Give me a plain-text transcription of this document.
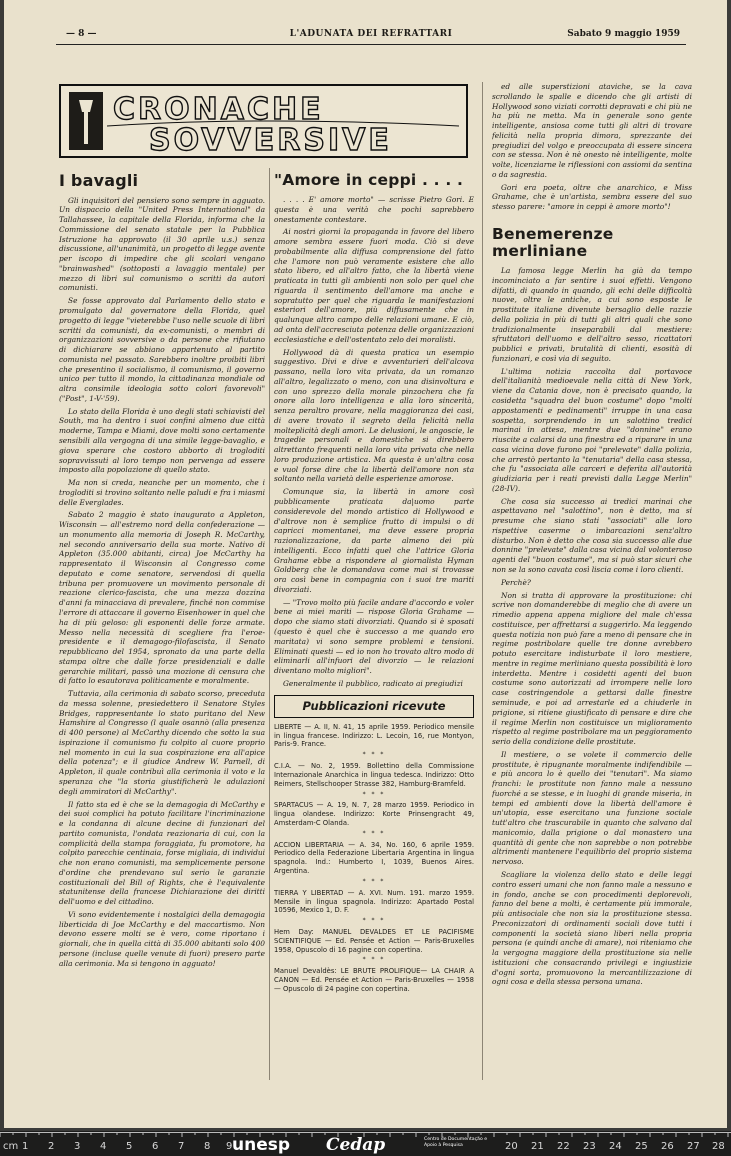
— 8 —	L'ADUNATA DEI REFRATTARI	Sabato 9 maggio 1959
CRONACHE
SOVVERSIVE
I bavagli

Gli inquisitori del pensiero sono sempre in agguato. Un dispaccio della "United Press International" da Tallahassee, la capitale della Florida, informa che la Commissione del senato statale per la Pubblica Istruzione ha approvato (il 30 aprile u.s.) senza discussione, all'unanimità, un progetto di legge avente per iscopo di impedire che gli scolari vengano "brainwashed" (sottoposti a lavaggio mentale) per mezzo di libri sul comunismo o scritti da autori comunisti.

Se fosse approvato dal Parlamento dello stato e promulgato dal governatore della Florida, quel progetto di legge "vieterebbe l'uso nelle scuole di libri scritti da comunisti, da ex-comunisti, o membri di organizzazioni sovversive o da persone che rifiutano di dichiarare se abbiano appartenuto al partito comunista nel passato. Sarebbero inoltre proibiti libri che presentino il socialismo, il comunismo, il governo unico per tutto il mondo, la cittadinanza mondiale od altra consimile ideologia sotto colori favorevoli" ("Post", 1-V-'59).

Lo stato della Florida è uno degli stati schiavisti del South, ma ha dentro i suoi confini almeno due città moderne, Tampa e Miami, dove molti sono certamente sensibili alla vergogna di una simile legge-bavaglio, e giova sperare che costoro abborto di trogloditi sopravvissuti al loro tempo non pervenga ad essere imposto alla popolazione di quello stato.

Ma non si creda, neanche per un momento, che i trogloditi si trovino soltanto nelle paludi e fra i miasmi delle Everglades.

Sabato 2 maggio è stato inaugurato a Appleton, Wisconsin — all'estremo nord della confederazione — un monumento alla memoria di Joseph R. McCarthy, nel secondo anniversario della sua morte. Nativo di Appleton (35.000 abitanti, circa) Joe McCarthy ha rappresentato il Wisconsin al Congresso come deputato e come senatore, servendosi di quella tribuna per promuovere un movimento personale di reazione clerico-fascista, che una mezza dozzina d'anni fa minacciava di prevalere, finché non commise l'errore di attaccare il governo Eisenhower in quel che ha di più geloso: gli esponenti delle forze armate. Messo nella necessità di scegliere fra l'eroe-presidente e il demagogo-filofascista, il Senato repubblicano del 1954, spronato da una parte della stampa oltre che dalle forze presidenziali e dalle gerarchie militari, passò una mozione di censura che di fatto lo esautorava politicamente e moralmente.

Tuttavia, alla cerimonia di sabato scorso, preceduta da messa solenne, presiedettero il Senatore Styles Bridges, rappresentante lo stato puritano del New Hamshire al Congresso (l quale osannò (alla presenza di 400 persone) al McCarthy dicendo che sotto la sua ispirazione il comunismo fu colpito al cuore proprio nel momento in cui la sua cospirazione era all'apice della potenza"; e il giudice Andrew W. Parnell, di Appleton, il quale contribuì alla cerimonia il voto e la speranza che "la storia giustificherà le adulazioni degli ammiratori di McCarthy".

Il fatto sta ed è che se la demagogia di McCarthy e dei suoi complici ha potuto facilitare l'incriminazione e la condanna di alcune decine di funzionari del partito comunista, l'ondata reazionaria di cui, con la complicità della stampa foraggiata, fu promotore, ha colpito parecchie centinaia, forse migliaia, di individui che non erano comunisti, ma semplicemente persone d'ordine che prendevano sul serio le garanzie costituzionali del Bill of Rights, che è l'equivalente statunitense della francese Dichiarazione dei diritti dell'uomo e del cittadino.

Vi sono evidentemente i nostalgici della demagogia liberticida di Joe McCarthy e del maccartismo. Non devono essere molti se è vero, come riportano i giornali, che in quella città di 35.000 abitanti solo 400 persone (incluse quelle venute di fuori) presero parte alla cerimonia. Ma si tengono in agguato!

"Amore in ceppi . . . .

. . . . E' amore morto" — scrisse Pietro Gori. E questa è una verità che pochi saprebbero onestamente contestare.

Ai nostri giorni la propaganda in favore del libero amore sembra essere fuori moda. Ciò si deve probabilmente alla diffusa comprensione del fatto che l'amore non può veramente esistere che allo stato libero, ed all'altro fatto, che la libertà viene praticata in tutti gli ambienti non solo per quel che riguarda il sentimento dell'amore ma anche e sopratutto per quel che riguarda le manifestazioni esteriori dell'amore, più diffusamente che in qualunque altro campo delle relazioni umane. E ciò, ad onta dell'accresciuta potenza delle organizzazioni ecclesiastiche e dell'ostentato zelo dei moralisti.

Hollywood dà di questa pratica un esempio suggestivo. Divi e dive e avventurieri dell'alcova passano, nella loro vita privata, da un romanzo all'altro, legalizzato o meno, con una disinvoltura e con uno sprezzo della morale pinzochera che fa onore alla loro intelligenza e alla loro sincerità, senza peraltro provare, nella maggioranza dei casi, di avere trovato il segreto della felicità nella molteplicità degli amori. Le delusioni, le angoscie, le tragedie personali e domestiche si direbbero altrettanto frequenti nella loro vita privata che nella loro produzione artistica. Ma questa è un'altra cosa e vuol forse dire che la libertà dell'amore non sta soltanto nella varietà delle esperienze amorose.

Comunque sia, la libertà in amore così pubblicamente praticata da|uomo parte considerevole del mondo artistico di Hollywood e d'altrove non è semplice frutto di impulsi o di capricci momentanei, ma deve essere propria razionalizzazione, da parte almeno dei più intelligenti. Ecco infatti quel che l'attrice Gloria Grahame ebbe a rispondere al giornalista Hyman Goldberg che le domandava come mai si trovasse ora così bene in compagnia con i suoi tre mariti divorziati.

— "Trovo molto più facile andare d'accordo e voler bene ai miei mariti — rispose Gloria Grahame — dopo che siamo stati divorziati. Quando si è sposati (questo è quel che è successo a me quando ero maritata) vi sono sempre problemi e tensioni. Eliminati questi — ed io non ho trovato altro modo di eliminarli all'infuori del divorzio — le relazioni diventano molto migliori".

Generalmente il pubblico, radicato ai pregiudizi

Pubblicazioni ricevute

LIBERTE — A. II, N. 41, 15 aprile 1959. Periodico mensile in lingua francese. Indirizzo: L. Lecoin, 16, rue Montyon, Paris-9. France.

* * *

C.I.A. — No. 2, 1959. Bollettino della Commissione Internazionale Anarchica in lingua tedesca. Indirizzo: Otto Reimers, Stellschooper Strasse 382, Hamburg-Bramfeld.

* * *

SPARTACUS — A. 19, N. 7, 28 marzo 1959. Periodico in lingua olandese. Indirizzo: Korte Prinsengracht 49, Amsterdam-C Olanda.

* * *

ACCION LIBERTARIA — A. 34, No. 160, 6 aprile 1959. Periodico della Federazione Libertaria Argentina in lingua spagnola. Ind.: Humberto I, 1039, Buenos Aires. Argentina.

* * *

TIERRA Y LIBERTAD — A. XVI. Num. 191. marzo 1959. Mensile in lingua spagnola. Indirizzo: Apartado Postal 10596, Mexico 1, D. F.

* * *

Hem Day: MANUEL DEVALDES ET LE PACIFISME SCIENTIFIQUE — Ed. Pensée et Action — Paris-Bruxelles 1958, Opuscolo di 16 pagine con copertina.

* * *

Manuel Devaldès: LE BRUTE PROLIFIQUE— LA CHAIR A CANON — Ed. Pensée et Action — Paris-Bruxelles — 1958 — Opuscolo di 24 pagine con copertina.

ed alle superstizioni ataviche, se la cava scrollando le spalle e dicendo che gli artisti di Hollywood sono viziati corrotti depravati e chi più ne ha più ne metta. Ma in generale sono gente intelligente, ansiosa come tutti gli altri di trovare felicità nella propria dimora, sprezzante dei pregiudizi del volgo e preoccupata di essere sincera con se stessa. Non è nè onesto nè intelligente, molte volte, licenziarne le riflessioni con assiomi da sentina o da sagrestia.

Gori era poeta, oltre che anarchico, e Miss Grahame, che è un'artista, sembra essere del suo stesso parere: "amore in ceppi è amore morto"!

Benemerenze merliniane

La famosa legge Merlin ha già da tempo incominciato a far sentire i suoi effetti. Vengono difatti, di quando in quando, gli echi delle difficoltà nuove, oltre le antiche, a cui sono esposte le prostitute italiane divenute bersaglio delle razzie della polizia in più di tutti gli altri quali che sono tradizionalmente inseparabili dal mestiere: sfruttatori dell'uomo e dell'altro sesso, ricattatori pubblici e privati, brutalità di clienti, esosità di funzionari, e così via di seguito.

L'ultima notizia raccolta dal portavoce dell'italianità medioevale nella città di New York, viene da Catania dove, non è precisato quando, la cosidetta "squadra del buon costume" dopo "molti appostamenti e pedinamenti" irruppe in una casa sospetta, sorprendendo in un salottino tredici marinai in attesa, mentre due "donnine" erano riuscite a calarsi da una finestra ed a riparare in una casa vicina dove furono poi "prelevate" dalla polizia, che arrestò pertanto la "tenutaria" della casa stessa, che fu "associata alle carceri e deferita all'autorità giudiziaria per i reati previsti dalla Legge Merlin" (28-IV).

Che cosa sia successo ai tredici marinai che aspettavano nel "salottino", non è detto, ma si presume che siano stati "associati" alle loro rispettive caserme o imbarcazioni senz'altro disturbo. Non è detto che cosa sia successo alle due donnine "prelevate" dalla casa vicina dal volonteroso agenti del "buon costume", ma si può star sicuri che non se la sono cavata così liscia come i loro clienti.

Perchè?

Non si tratta di approvare la prostituzione: chi scrive non domanderebbe di meglio che di avere un rimedio appena appena migliore del male ch'essa costituisce, per affrettarsi a suggerirlo. Ma leggendo questa notizia non può fare a meno di pensare che in regime postribolare quelle tre donne avrebbero potuto esercitare indisturbate il loro mestiere, mentre in regime merliniano questa possibilità è loro interdetta. Mentre i cosidetti agenti del buon costume sono autorizzati ad irrompere nelle loro case costringendole a gettarsi dalle finestre seminude, e poi ad arrestarle ed a chiuderle in prigione, si ritiene giustificato di pensare e dire che il regime Merlin non costituisce un miglioramento rispetto al regime postribolare ma un peggioramento serio della condizione delle prostitute.

Il mestiere, o se volete il commercio delle prostitute, è ripugnante moralmente indifendibile — e più ancora lo è quello dei "tenutari". Ma siamo franchi: le prostitute non fanno male a nessuno fuorché a se stesse, e in luoghi di grande miseria, in tempi ed ambienti dove la libertà dell'amore è un'utopia, esse esercitano una funzione sociale tutt'altro che trascurabile in quanto che salvano dal manicomio, dalla prigione o dal monastero una quantità di gente che non saprebbe o non potrebbe altrimenti mantenere l'equilibrio del proprio sistema nervoso.

Scagliare la violenza dello stato e delle leggi contro esseri umani che non fanno male a nessuno e in fondo, anche se con procedimenti deplorevoli, fanno del bene a molti, è certamente più immorale, più antisociale che non sia la prostituzione stessa. Preconizzatori di ordinamenti sociali dove tutti i componenti la società siano liberi nella propria persona (e quindi anche di amare), noi riteniamo che la vergogna maggiore della prostituzione sia nelle istituzioni che consacrando privilegi e ingiustizie d'ogni sorta, promuovono la mercantilizzazione di ogni cosa e della stessa persona umana.

cm 1 2 3 4 5 6 7 8 9 unesp Cedap	Centro de Documentação e Apoio à Pesquisa	20 21 22 23 24 25 26 27 28
